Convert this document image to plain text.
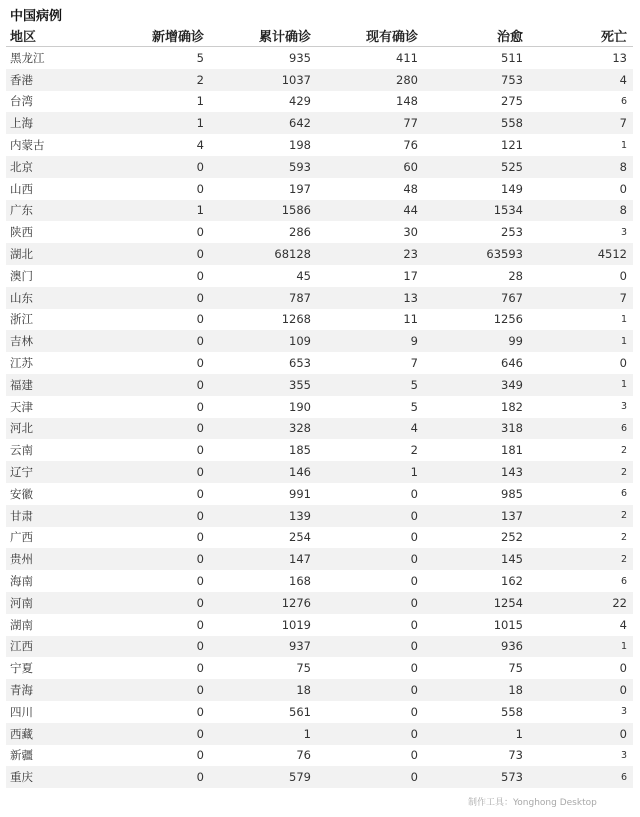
中国病例
地区	新增确诊	累计确诊	现有确诊	治愈	死亡
黑龙江	5	935	411	511	13
香港	2	1037	280	753	4
台湾	1	429	148	275	6
上海	1	642	77	558	7
内蒙古	4	198	76	121	1
北京	0	593	60	525	8
山西	0	197	48	149	0
广东	1	1586	44	1534	8
陕西	0	286	30	253	3
湖北	0	68128	23	63593	4512
澳门	0	45	17	28	0
山东	0	787	13	767	7
浙江	0	1268	11	1256	1
吉林	0	109	9	99	1
江苏	0	653	7	646	0
福建	0	355	5	349	1
天津	0	190	5	182	3
河北	0	328	4	318	6
云南	0	185	2	181	2
辽宁	0	146	1	143	2
安徽	0	991	0	985	6
甘肃	0	139	0	137	2
广西	0	254	0	252	2
贵州	0	147	0	145	2
海南	0	168	0	162	6
河南	0	1276	0	1254	22
湖南	0	1019	0	1015	4
江西	0	937	0	936	1
宁夏	0	75	0	75	0
青海	0	18	0	18	0
四川	0	561	0	558	3
西藏	0	1	0	1	0
新疆	0	76	0	73	3
重庆	0	579	0	573	6
制作工具：Yonghong Desktop
